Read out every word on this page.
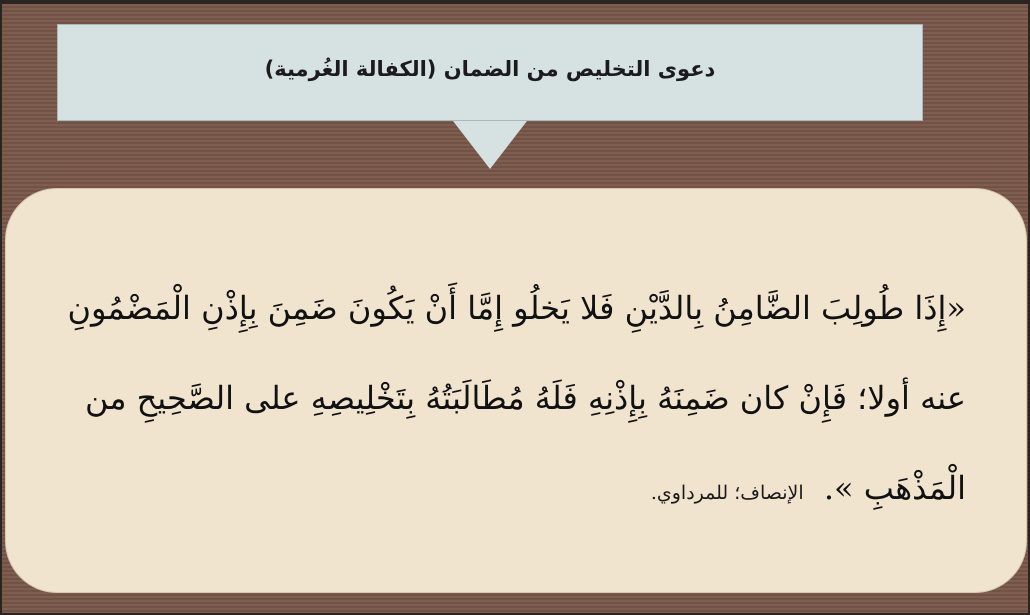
دعوى التخليص من الضمان (الكفالة الغُرمية)

«إِذَا طُولِبَ الضَّامِنُ بِالدَّيْنِ فَلا يَخلُو إِمَّا أَنْ يَكُونَ ضَمِنَ بِإِذْنِ الْمَضْمُونِ عنه أولا؛ فَإِنْ كان ضَمِنَهُ بِإِذْنِهِ فَلَهُ مُطَالَبَتُهُ بِتَخْلِيصِهِ على الصَّحِيحِ من الْمَذْهَبِ ». الإنصاف؛ للمرداوي.
